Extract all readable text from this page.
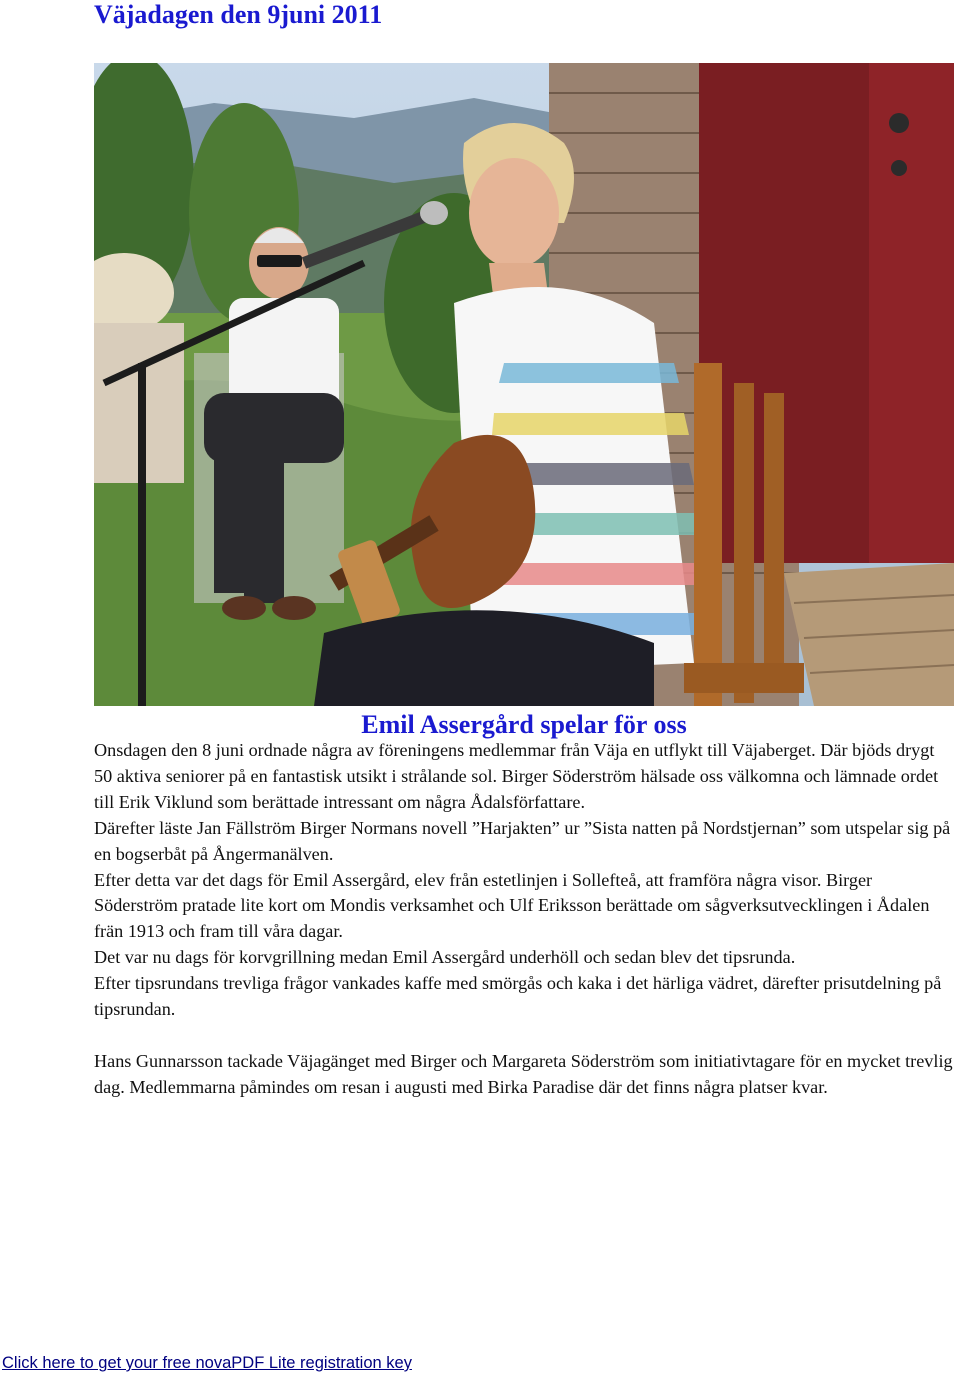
Väjadagen den 9juni 2011
Emil Assergård spelar för oss

Onsdagen den 8 juni ordnade några av föreningens medlemmar från Väja en utflykt till Väjaberget. Där bjöds drygt 50 aktiva seniorer på en fantastisk utsikt i strålande sol. Birger Söderström hälsade oss välkomna och lämnade ordet till Erik Viklund som berättade intressant om några Ådalsförfattare.

Därefter läste Jan Fällström Birger Normans novell ”Harjakten” ur ”Sista natten på Nordstjernan” som utspelar sig på en bogserbåt på Ångermanälven.

Efter detta var det dags för Emil Assergård, elev från estetlinjen i Sollefteå, att framföra några visor. Birger Söderström pratade lite kort om Mondis verksamhet och Ulf Eriksson berättade om sågverksutvecklingen i Ådalen frän 1913 och fram till våra dagar.

Det var nu dags för korvgrillning medan Emil Assergård underhöll och sedan blev det tipsrunda.

Efter tipsrundans trevliga frågor vankades kaffe med smörgås och kaka i det härliga vädret, därefter prisutdelning på tipsrundan.

Hans Gunnarsson tackade Väjagänget med Birger och Margareta Söderström som initiativtagare för en mycket trevlig dag. Medlemmarna påmindes om resan i augusti med Birka Paradise där det finns några platser kvar.

Click here to get your free novaPDF Lite registration key
